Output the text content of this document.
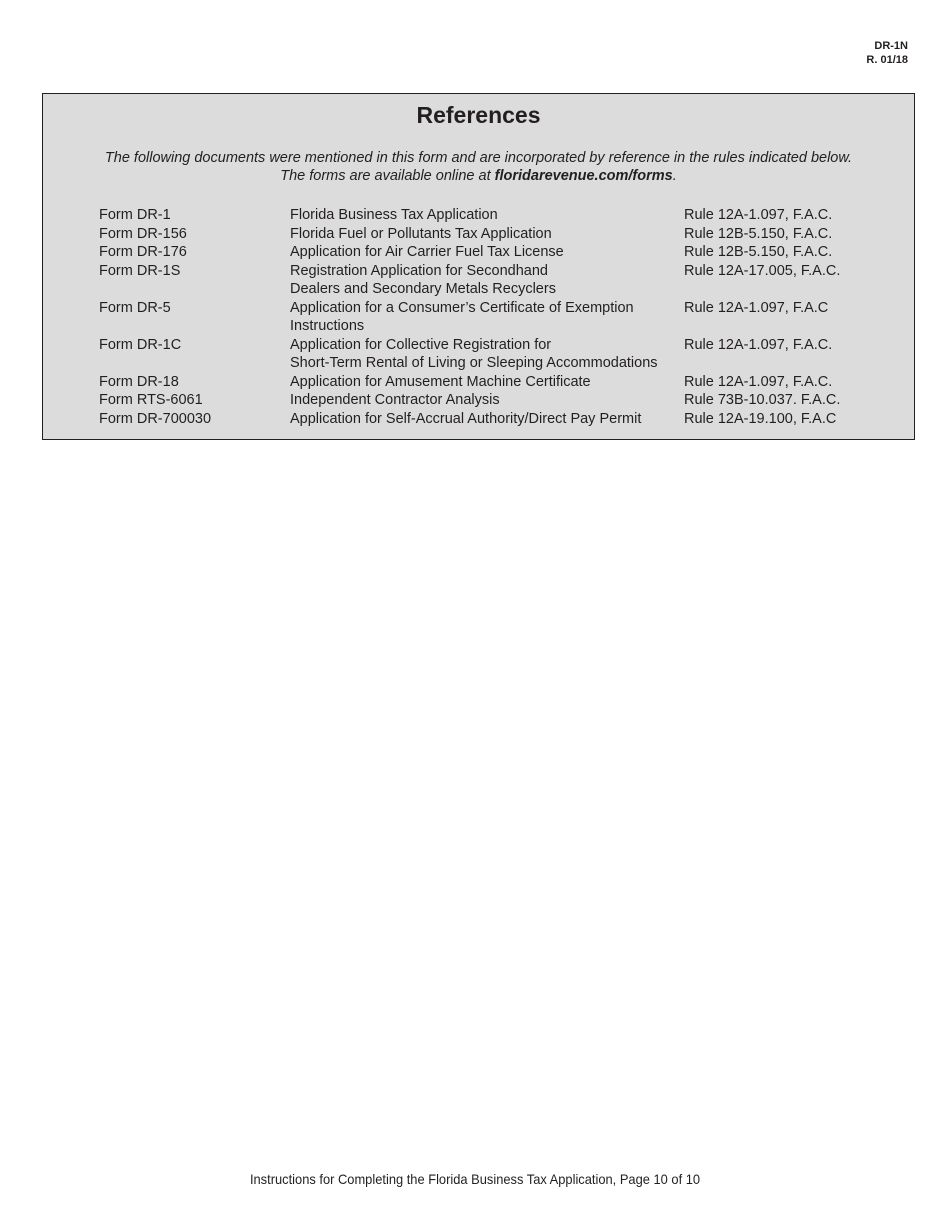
DR-1N
R. 01/18
References

The following documents were mentioned in this form and are incorporated by reference in the rules indicated below.
The forms are available online at floridarevenue.com/forms.

Form DR-1	Florida Business Tax Application	Rule 12A-1.097, F.A.C.
Form DR-156	Florida Fuel or Pollutants Tax Application	Rule 12B-5.150, F.A.C.
Form DR-176	Application for Air Carrier Fuel Tax License	Rule 12B-5.150, F.A.C.
Form DR-1S	Registration Application for Secondhand	Rule 12A-17.005, F.A.C.
	Dealers and Secondary Metals Recyclers	
Form DR-5	Application for a Consumer’s Certificate of Exemption	Rule 12A-1.097, F.A.C
	Instructions	
Form DR-1C	Application for Collective Registration for	Rule 12A-1.097, F.A.C.
	Short-Term Rental of Living or Sleeping Accommodations	
Form DR-18	Application for Amusement Machine Certificate	Rule 12A-1.097, F.A.C.
Form RTS-6061	Independent Contractor Analysis	Rule 73B-10.037. F.A.C.
Form DR-700030	Application for Self-Accrual Authority/Direct Pay Permit	Rule 12A-19.100, F.A.C
Instructions for Completing the Florida Business Tax Application, Page 10 of 10
